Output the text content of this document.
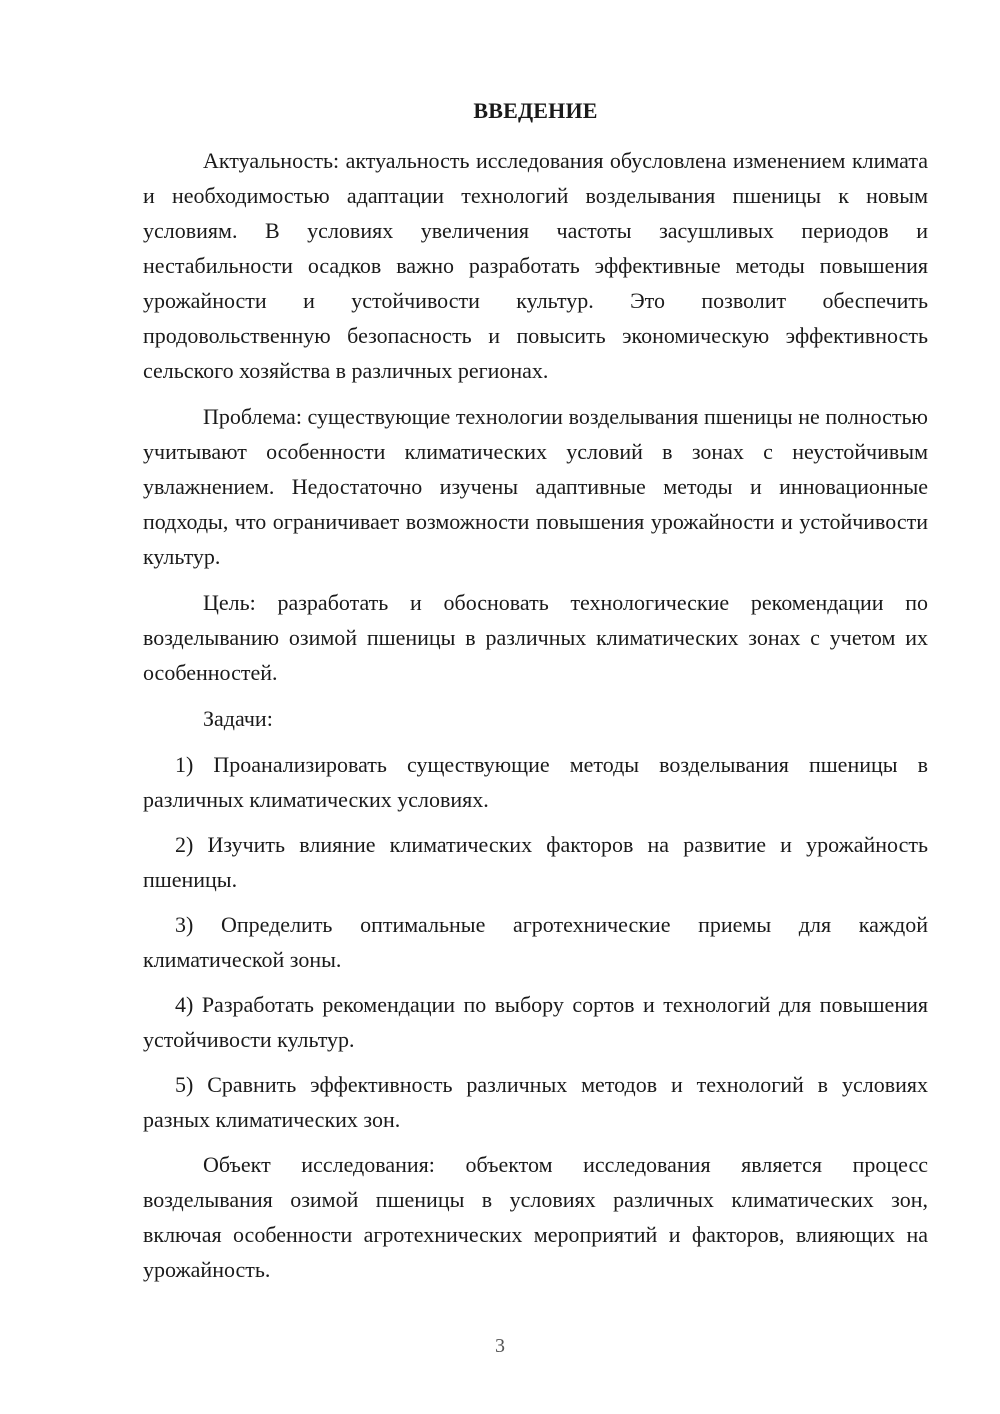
ВВЕДЕНИЕ

Актуальность: актуальность исследования обусловлена изменением климата и необходимостью адаптации технологий возделывания пшеницы к новым условиям. В условиях увеличения частоты засушливых периодов и нестабильности осадков важно разработать эффективные методы повышения урожайности и устойчивости культур. Это позволит обеспечить продовольственную безопасность и повысить экономическую эффективность сельского хозяйства в различных регионах.

Проблема: существующие технологии возделывания пшеницы не полностью учитывают особенности климатических условий в зонах с неустойчивым увлажнением. Недостаточно изучены адаптивные методы и инновационные подходы, что ограничивает возможности повышения урожайности и устойчивости культур.

Цель: разработать и обосновать технологические рекомендации по возделыванию озимой пшеницы в различных климатических зонах с учетом их особенностей.

Задачи:

1) Проанализировать существующие методы возделывания пшеницы в различных климатических условиях.

2) Изучить влияние климатических факторов на развитие и урожайность пшеницы.

3) Определить оптимальные агротехнические приемы для каждой климатической зоны.

4) Разработать рекомендации по выбору сортов и технологий для повышения устойчивости культур.

5) Сравнить эффективность различных методов и технологий в условиях разных климатических зон.

Объект исследования: объектом исследования является процесс возделывания озимой пшеницы в условиях различных климатических зон, включая особенности агротехнических мероприятий и факторов, влияющих на урожайность.

3
